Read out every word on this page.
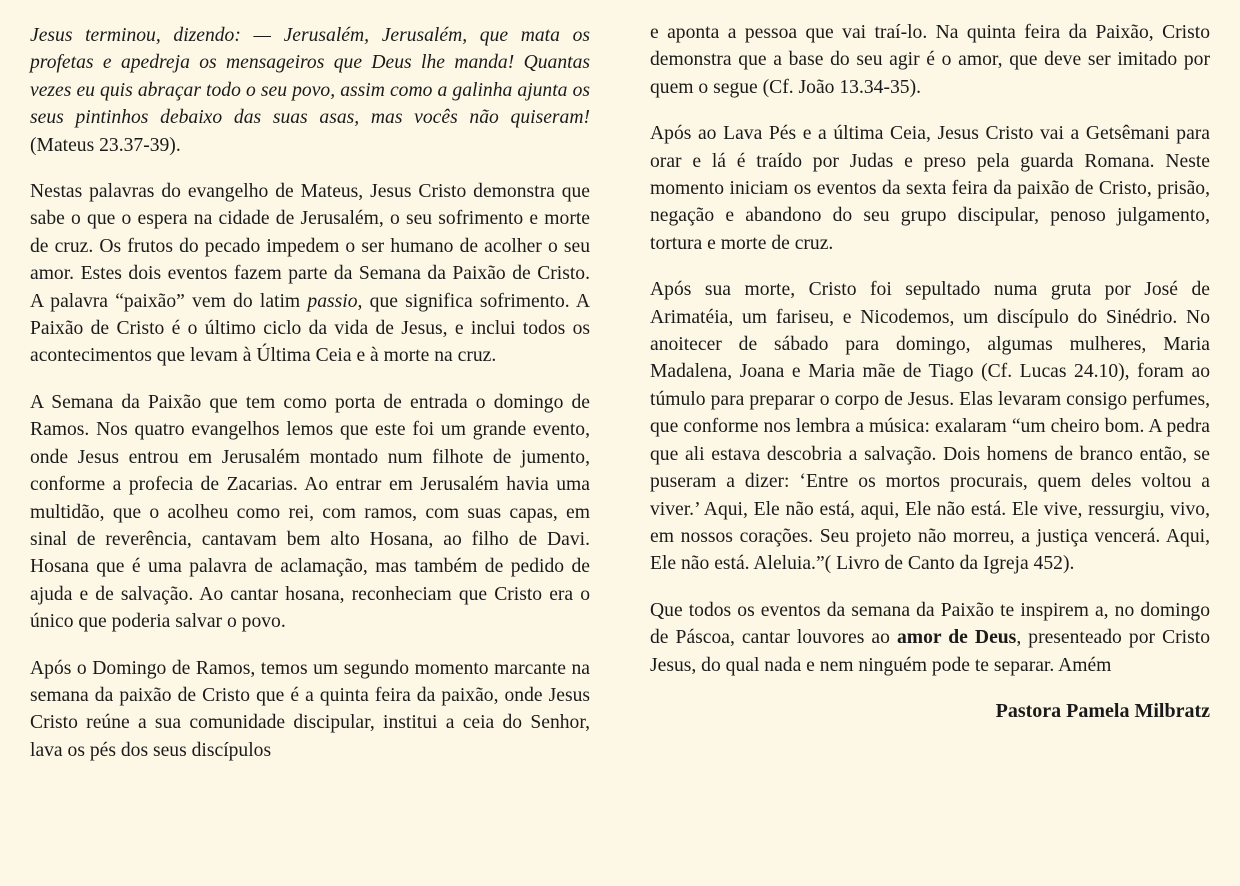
Jesus terminou, dizendo: — Jerusalém, Jerusalém, que mata os profetas e apedreja os mensageiros que Deus lhe manda! Quantas vezes eu quis abraçar todo o seu povo, assim como a galinha ajunta os seus pintinhos debaixo das suas asas, mas vocês não quiseram! (Mateus 23.37-39).

Nestas palavras do evangelho de Mateus, Jesus Cristo demonstra que sabe o que o espera na cidade de Jerusalém, o seu sofrimento e morte de cruz. Os frutos do pecado impedem o ser humano de acolher o seu amor. Estes dois eventos fazem parte da Semana da Paixão de Cristo. A palavra “paixão” vem do latim passio, que significa sofrimento. A Paixão de Cristo é o último ciclo da vida de Jesus, e inclui todos os acontecimentos que levam à Última Ceia e à morte na cruz.

A Semana da Paixão que tem como porta de entrada o domingo de Ramos. Nos quatro evangelhos lemos que este foi um grande evento, onde Jesus entrou em Jerusalém montado num filhote de jumento, conforme a profecia de Zacarias. Ao entrar em Jerusalém havia uma multidão, que o acolheu como rei, com ramos, com suas capas, em sinal de reverência, cantavam bem alto Hosana, ao filho de Davi. Hosana que é uma palavra de aclamação, mas também de pedido de ajuda e de salvação. Ao cantar hosana, reconheciam que Cristo era o único que poderia salvar o povo.

Após o Domingo de Ramos, temos um segundo momento marcante na semana da paixão de Cristo que é a quinta feira da paixão, onde Jesus Cristo reúne a sua comunidade discipular, institui a ceia do Senhor, lava os pés dos seus discípulos

e aponta a pessoa que vai traí-lo. Na quinta feira da Paixão, Cristo demonstra que a base do seu agir é o amor, que deve ser imitado por quem o segue (Cf. João 13.34-35).

Após ao Lava Pés e a última Ceia, Jesus Cristo vai a Getsêmani para orar e lá é traído por Judas e preso pela guarda Romana. Neste momento iniciam os eventos da sexta feira da paixão de Cristo, prisão, negação e abandono do seu grupo discipular, penoso julgamento, tortura e morte de cruz.

Após sua morte, Cristo foi sepultado numa gruta por José de Arimatéia, um fariseu, e Nicodemos, um discípulo do Sinédrio. No anoitecer de sábado para domingo, algumas mulheres, Maria Madalena, Joana e Maria mãe de Tiago (Cf. Lucas 24.10), foram ao túmulo para preparar o corpo de Jesus. Elas levaram consigo perfumes, que conforme nos lembra a música: exalaram “um cheiro bom. A pedra que ali estava descobria a salvação. Dois homens de branco então, se puseram a dizer: ‘Entre os mortos procurais, quem deles voltou a viver.’ Aqui, Ele não está, aqui, Ele não está. Ele vive, ressurgiu, vivo, em nossos corações. Seu projeto não morreu, a justiça vencerá. Aqui, Ele não está. Aleluia.”( Livro de Canto da Igreja 452).

Que todos os eventos da semana da Paixão te inspirem a, no domingo de Páscoa, cantar louvores ao amor de Deus, presenteado por Cristo Jesus, do qual nada e nem ninguém pode te separar. Amém

Pastora Pamela Milbratz
